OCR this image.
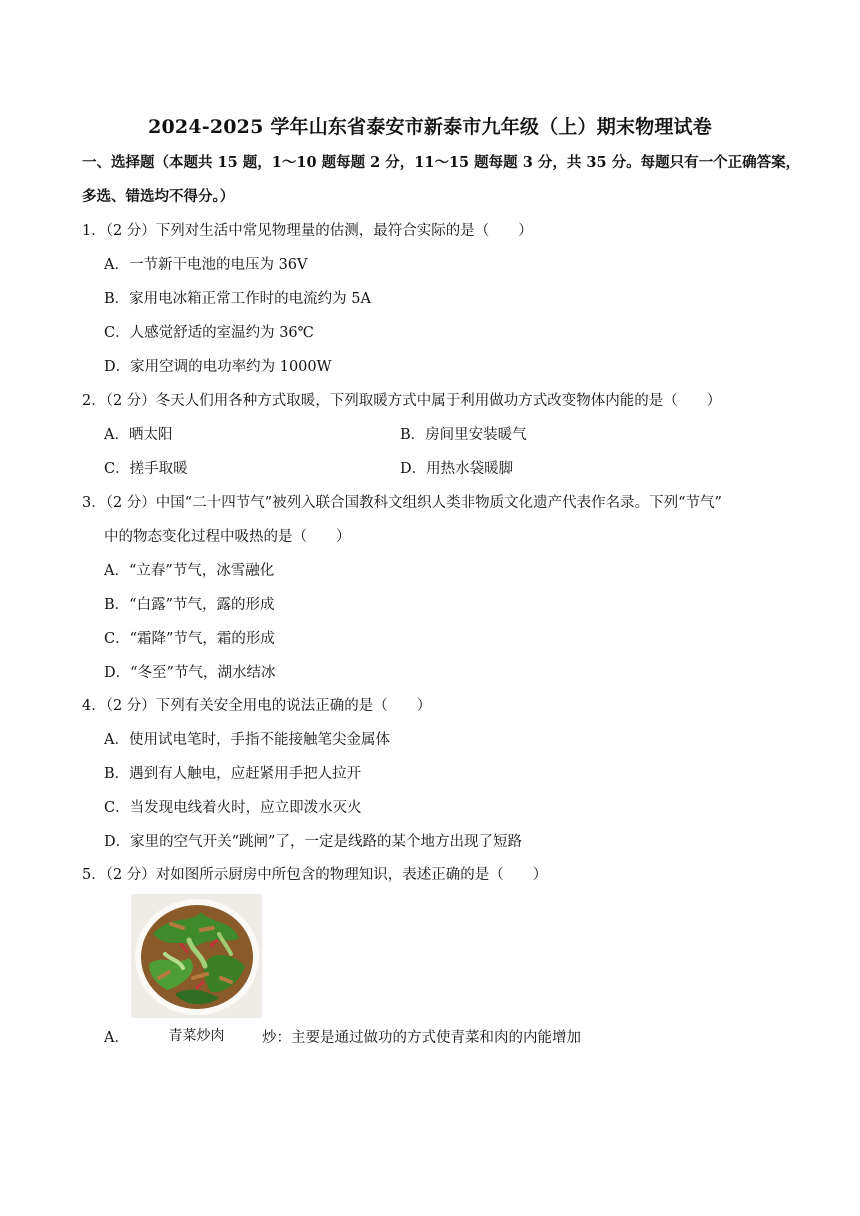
2024-2025 学年山东省泰安市新泰市九年级（上）期末物理试卷
一、选择题（本题共 15 题，1～10 题每题 2 分，11～15 题每题 3 分，共 35 分。每题只有一个正确答案，
多选、错选均不得分。）
1．（2 分）下列对生活中常见物理量的估测，最符合实际的是（　　）
A．一节新干电池的电压为 36V
B．家用电冰箱正常工作时的电流约为 5A
C．人感觉舒适的室温约为 36℃
D．家用空调的电功率约为 1000W
2．（2 分）冬天人们用各种方式取暖，下列取暖方式中属于利用做功方式改变物体内能的是（　　）
A．晒太阳	B．房间里安装暖气
C．搓手取暖	D．用热水袋暖脚
3．（2 分）中国“二十四节气”被列入联合国教科文组织人类非物质文化遗产代表作名录。下列“节气”
中的物态变化过程中吸热的是（　　）
A．“立春”节气，冰雪融化
B．“白露”节气，露的形成
C．“霜降”节气，霜的形成
D．“冬至”节气，湖水结冰
4．（2 分）下列有关安全用电的说法正确的是（　　）
A．使用试电笔时，手指不能接触笔尖金属体
B．遇到有人触电，应赶紧用手把人拉开
C．当发现电线着火时，应立即泼水灭火
D．家里的空气开关“跳闸”了，一定是线路的某个地方出现了短路
5．（2 分）对如图所示厨房中所包含的物理知识，表述正确的是（　　）
青菜炒肉
A．	炒：主要是通过做功的方式使青菜和肉的内能增加
